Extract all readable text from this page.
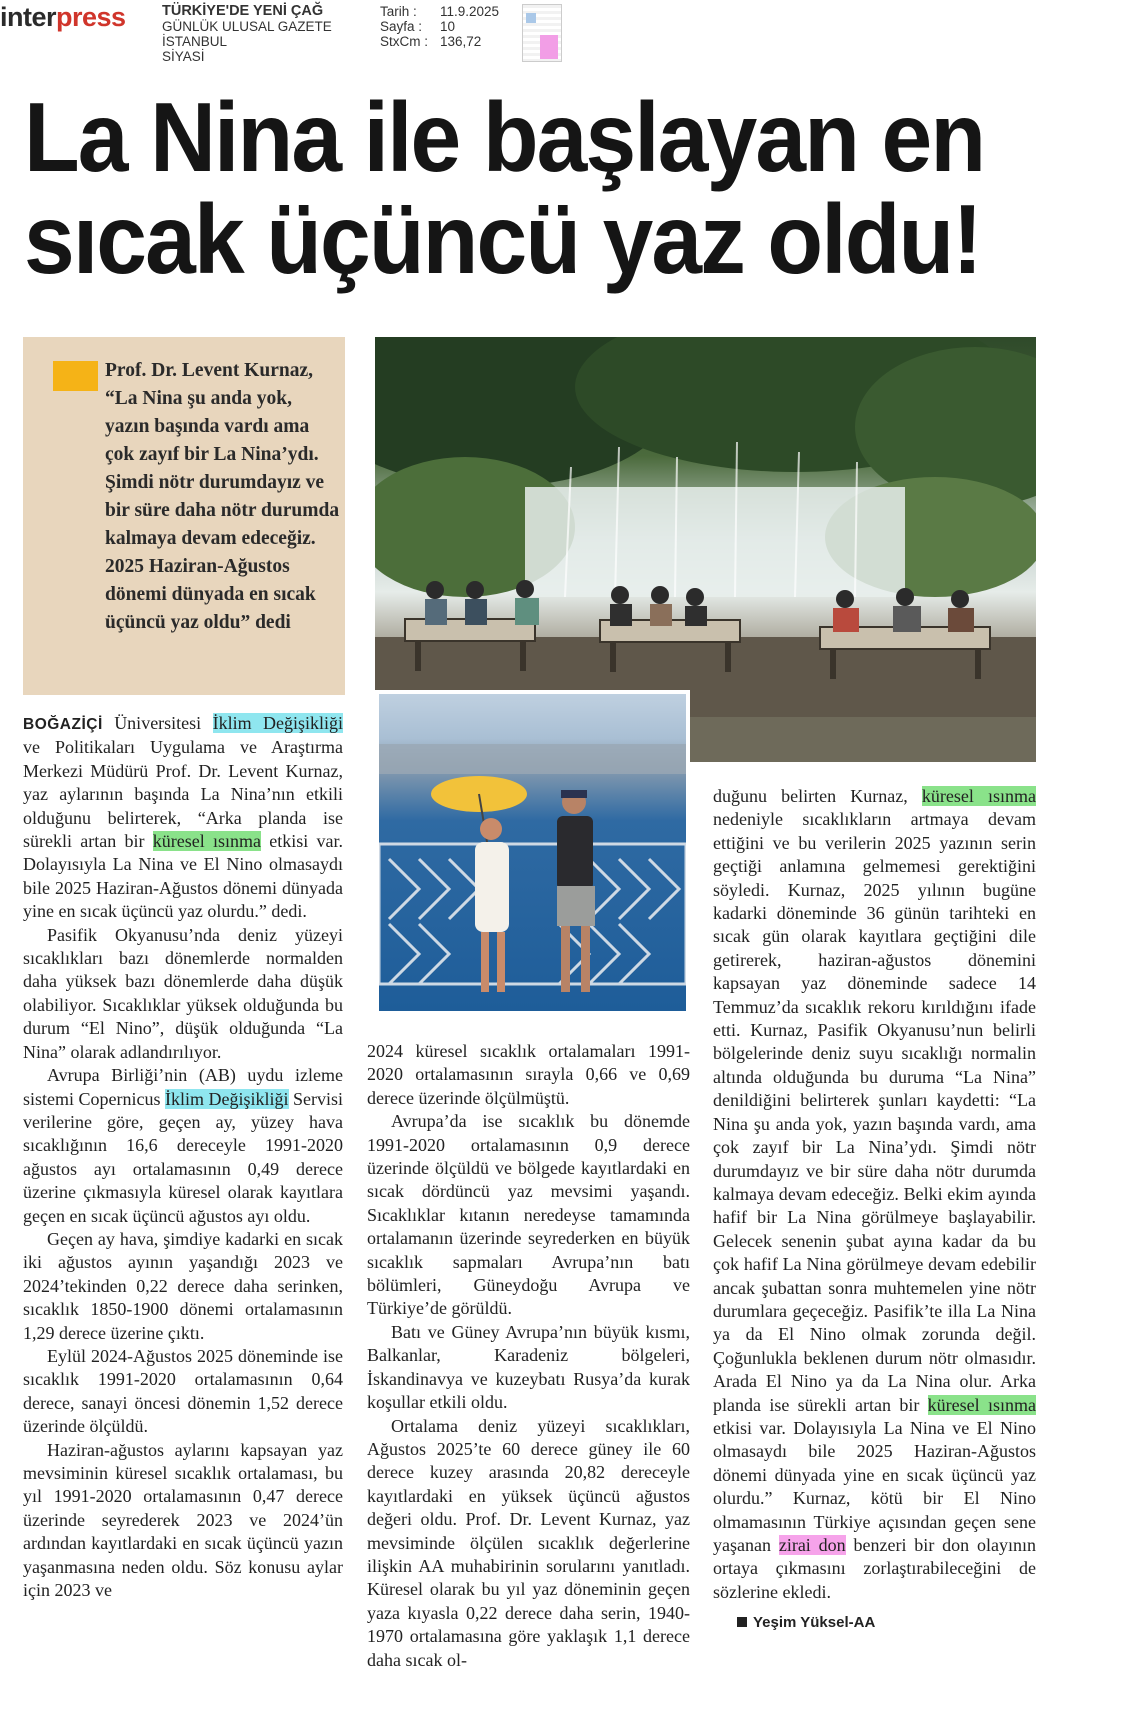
interpress	TÜRKİYE'DE YENİ ÇAĞ
GÜNLÜK ULUSAL GAZETE
İSTANBUL
SİYASİ
Tarih : 11.9.2025
Sayfa : 10
StxCm : 136,72
La Nina ile başlayan en
sıcak üçüncü yaz oldu!
Prof. Dr. Levent Kurnaz, “La Nina şu anda yok, yazın başında vardı ama çok zayıf bir La Nina’ydı. Şimdi nötr durumdayız ve bir süre daha nötr durumda kalmaya devam edeceğiz. 2025 Haziran-Ağustos dönemi dünyada en sıcak üçüncü yaz oldu” dedi

BOĞAZİÇİ Üniversitesi İklim Değişikliği ve Politikaları Uygulama ve Araştırma Merkezi Müdürü Prof. Dr. Levent Kurnaz, yaz aylarının başında La Nina’nın etkili olduğunu belirterek, “Arka planda ise sürekli artan bir küresel ısınma etkisi var. Dolayısıyla La Nina ve El Nino olmasaydı bile 2025 Haziran-Ağustos dönemi dünyada yine en sıcak üçüncü yaz olurdu.” dedi.

Pasifik Okyanusu’nda deniz yüzeyi sıcaklıkları bazı dönemlerde normalden daha yüksek bazı dönemlerde daha düşük olabiliyor. Sıcaklıklar yüksek olduğunda bu durum “El Nino”, düşük olduğunda “La Nina” olarak adlandırılıyor.

Avrupa Birliği’nin (AB) uydu izleme sistemi Copernicus İklim Değişikliği Servisi verilerine göre, geçen ay, yüzey hava sıcaklığının 16,6 dereceyle 1991-2020 ağustos ayı ortalamasının 0,49 derece üzerine çıkmasıyla küresel olarak kayıtlara geçen en sıcak üçüncü ağustos ayı oldu.

Geçen ay hava, şimdiye kadarki en sıcak iki ağustos ayının yaşandığı 2023 ve 2024’tekinden 0,22 derece daha serinken, sıcaklık 1850-1900 dönemi ortalamasının 1,29 derece üzerine çıktı.

Eylül 2024-Ağustos 2025 döneminde ise sıcaklık 1991-2020 ortalamasının 0,64 derece, sanayi öncesi dönemin 1,52 derece üzerinde ölçüldü.

Haziran-ağustos aylarını kapsayan yaz mevsiminin küresel sıcaklık ortalaması, bu yıl 1991-2020 ortalamasının 0,47 derece üzerinde seyrederek 2023 ve 2024’ün ardından kayıtlardaki en sıcak üçüncü yazın yaşanmasına neden oldu. Söz konusu aylar için 2023 ve

2024 küresel sıcaklık ortalamaları 1991-2020 ortalamasının sırayla 0,66 ve 0,69 derece üzerinde ölçülmüştü.

Avrupa’da ise sıcaklık bu dönemde 1991-2020 ortalamasının 0,9 derece üzerinde ölçüldü ve bölgede kayıtlardaki en sıcak dördüncü yaz mevsimi yaşandı. Sıcaklıklar kıtanın neredeyse tamamında ortalamanın üzerinde seyrederken en büyük sıcaklık sapmaları Avrupa’nın batı bölümleri, Güneydoğu Avrupa ve Türkiye’de görüldü.

Batı ve Güney Avrupa’nın büyük kısmı, Balkanlar, Karadeniz bölgeleri, İskandinavya ve kuzeybatı Rusya’da kurak koşullar etkili oldu.

Ortalama deniz yüzeyi sıcaklıkları, Ağustos 2025’te 60 derece güney ile 60 derece kuzey arasında 20,82 dereceyle kayıtlardaki en yüksek üçüncü ağustos değeri oldu. Prof. Dr. Levent Kurnaz, yaz mevsiminde ölçülen sıcaklık değerlerine ilişkin AA muhabirinin sorularını yanıtladı. Küresel olarak bu yıl yaz döneminin geçen yaza kıyasla 0,22 derece daha serin, 1940-1970 ortalamasına göre yaklaşık 1,1 derece daha sıcak ol-

duğunu belirten Kurnaz, küresel ısınma nedeniyle sıcaklıkların artmaya devam ettiğini ve bu verilerin 2025 yazının serin geçtiği anlamına gelmemesi gerektiğini söyledi. Kurnaz, 2025 yılının bugüne kadarki döneminde 36 günün tarihteki en sıcak gün olarak kayıtlara geçtiğini dile getirerek, haziran-ağustos dönemini kapsayan yaz döneminde sadece 14 Temmuz’da sıcaklık rekoru kırıldığını ifade etti. Kurnaz, Pasifik Okyanusu’nun belirli bölgelerinde deniz suyu sıcaklığı normalin altında olduğunda bu duruma “La Nina” denildiğini belirterek şunları kaydetti: “La Nina şu anda yok, yazın başında vardı, ama çok zayıf bir La Nina’ydı. Şimdi nötr durumdayız ve bir süre daha nötr durumda kalmaya devam edeceğiz. Belki ekim ayında hafif bir La Nina görülmeye başlayabilir. Gelecek senenin şubat ayına kadar da bu çok hafif La Nina görülmeye devam edebilir ancak şubattan sonra muhtemelen yine nötr durumlara geçeceğiz. Pasifik’te illa La Nina ya da El Nino olmak zorunda değil. Çoğunlukla beklenen durum nötr olmasıdır. Arada El Nino ya da La Nina olur. Arka planda ise sürekli artan bir küresel ısınma etkisi var. Dolayısıyla La Nina ve El Nino olmasaydı bile 2025 Haziran-Ağustos dönemi dünyada yine en sıcak üçüncü yaz olurdu.” Kurnaz, kötü bir El Nino olmamasının Türkiye açısından geçen sene yaşanan zirai don benzeri bir don olayının ortaya çıkmasını zorlaştırabileceğini de sözlerine ekledi.

Yeşim Yüksel-AA
